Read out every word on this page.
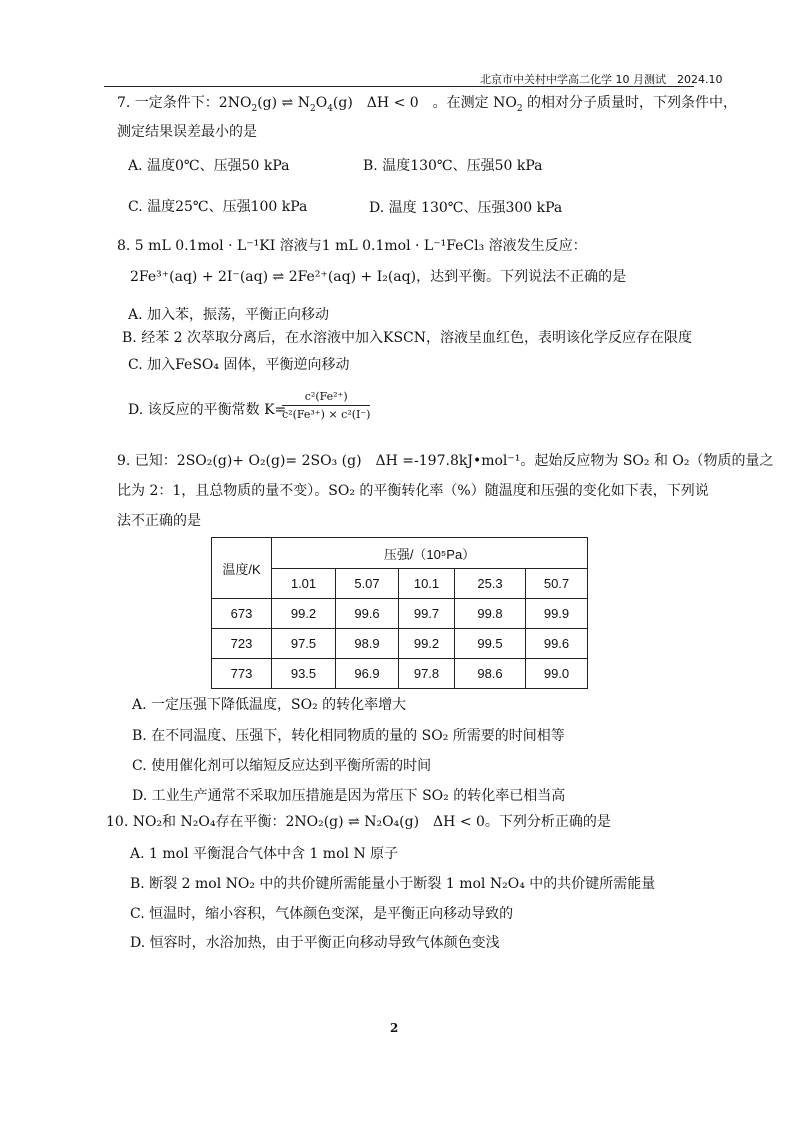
北京市中关村中学高二化学 10 月测试　2024.10
7. 一定条件下：$2NO_2(g)$ ⇌ $N_2O_4(g)$　ΔH < 0　。在测定 $NO_2$ 的相对分子质量时，下列条件中，
测定结果误差最小的是
A. 温度0℃、压强50 kPa	B. 温度130℃、压强50 kPa
C. 温度25℃、压强100 kPa	D. 温度 130℃、压强300 kPa
8. 5 mL 0.1mol · L⁻¹KI 溶液与1 mL 0.1mol · L⁻¹FeCl₃ 溶液发生反应：
2Fe³⁺(aq) + 2I⁻(aq) ⇌ 2Fe²⁺(aq) + I₂(aq)，达到平衡。下列说法不正确的是
A. 加入苯，振荡，平衡正向移动
B. 经苯 2 次萃取分离后，在水溶液中加入KSCN，溶液呈血红色，表明该化学反应存在限度
C. 加入FeSO₄ 固体，平衡逆向移动
D. 该反应的平衡常数 K=
$\frac{\text{c²(Fe²⁺)}}{\text{c²(Fe³⁺) × c²(I⁻)}}$
9. 已知：2SO₂(g)+ O₂(g)= 2SO₃ (g)　ΔH =-197.8kJ•mol⁻¹。起始反应物为 SO₂ 和 O₂（物质的量之
比为 2：1，且总物质的量不变）。SO₂ 的平衡转化率（%）随温度和压强的变化如下表，下列说
法不正确的是
温度/K	压强/（10⁵Pa）				
	1.01	5.07	10.1	25.3	50.7
673	99.2	99.6	99.7	99.8	99.9
723	97.5	98.9	99.2	99.5	99.6
773	93.5	96.9	97.8	98.6	99.0
A. 一定压强下降低温度，SO₂ 的转化率增大
B. 在不同温度、压强下，转化相同物质的量的 SO₂ 所需要的时间相等
C. 使用催化剂可以缩短反应达到平衡所需的时间
D. 工业生产通常不采取加压措施是因为常压下 SO₂ 的转化率已相当高
10. NO₂和 N₂O₄存在平衡：2NO₂(g) ⇌ N₂O₄(g)　ΔH < 0。下列分析正确的是
A. 1 mol 平衡混合气体中含 1 mol N 原子
B. 断裂 2 mol NO₂ 中的共价键所需能量小于断裂 1 mol N₂O₄ 中的共价键所需能量
C. 恒温时，缩小容积，气体颜色变深，是平衡正向移动导致的
D. 恒容时，水浴加热，由于平衡正向移动导致气体颜色变浅
2
